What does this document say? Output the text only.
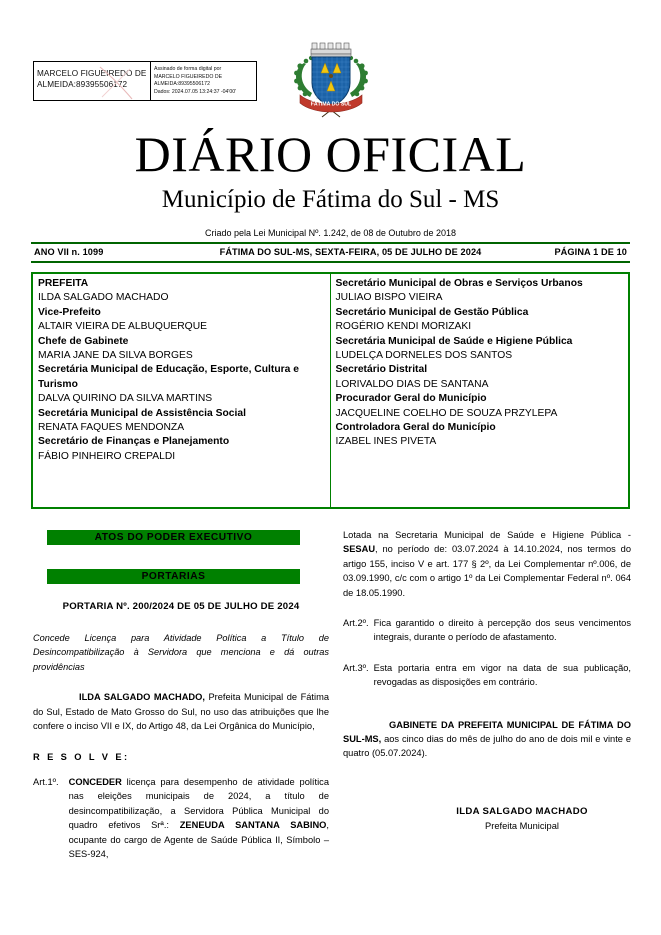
MARCELO FIGUEIREDO DE ALMEIDA:89395506172
Assinado de forma digital por
MARCELO FIGUEIREDO DE
ALMEIDA:89395506172
Dados: 2024.07.05 13:24:37 -04'00'
FÁTIMA DO SUL
DIÁRIO OFICIAL
Município de Fátima do Sul - MS
Criado pela Lei Municipal Nº. 1.242, de 08 de Outubro de 2018
ANO VII n. 1099	FÁTIMA DO SUL-MS, SEXTA-FEIRA, 05 DE JULHO DE 2024	PÁGINA 1 DE 10
PREFEITA
ILDA SALGADO MACHADO
Vice-Prefeito
ALTAIR VIEIRA DE ALBUQUERQUE
Chefe de Gabinete
MARIA JANE DA SILVA BORGES
Secretária Municipal de Educação, Esporte, Cultura e Turismo
DALVA QUIRINO DA SILVA MARTINS
Secretária Municipal de Assistência Social
RENATA FAQUES MENDONZA
Secretário de Finanças e Planejamento
FÁBIO PINHEIRO CREPALDI
Secretário Municipal de Obras e Serviços Urbanos
JULIAO BISPO VIEIRA
Secretário Municipal de Gestão Pública
ROGÉRIO KENDI MORIZAKI
Secretária Municipal de Saúde e Higiene Pública
LUDELÇA DORNELES DOS SANTOS
Secretário Distrital
LORIVALDO DIAS DE SANTANA
Procurador Geral do Município
JACQUELINE COELHO DE SOUZA PRZYLEPA
Controladora Geral do Município
IZABEL INES PIVETA
ATOS DO PODER EXECUTIVO
PORTARIAS
PORTARIA Nº. 200/2024 DE 05 DE JULHO DE 2024
Concede Licença para Atividade Política a Título de Desincompatibilização à Servidora que menciona e dá outras providências
ILDA SALGADO MACHADO, Prefeita Municipal de Fátima do Sul, Estado de Mato Grosso do Sul, no uso das atribuições que lhe confere o inciso VII e IX, do Artigo 48, da Lei Orgânica do Município,
R E S O L V E:
Art.1º.	CONCEDER licença para desempenho de atividade política nas eleições municipais de 2024, a título de desincompatibilização, a Servidora Pública Municipal do quadro efetivos Srª.: ZENEUDA SANTANA SABINO, ocupante do cargo de Agente de Saúde Pública II, Símbolo – SES-924,
Lotada na Secretaria Municipal de Saúde e Higiene Pública - SESAU, no período de: 03.07.2024 à 14.10.2024, nos termos do artigo 155, inciso V e art. 177 § 2º, da Lei Complementar nº.006, de 03.09.1990, c/c com o artigo 1º da Lei Complementar Federal nº. 064 de 18.05.1990.
Art.2º. Fica garantido o direito à percepção dos seus vencimentos integrais, durante o período de afastamento.
Art.3º. Esta portaria entra em vigor na data de sua publicação, revogadas as disposições em contrário.
GABINETE DA PREFEITA MUNICIPAL DE FÁTIMA DO SUL-MS, aos cinco dias do mês de julho do ano de dois mil e vinte e quatro (05.07.2024).
ILDA SALGADO MACHADO
Prefeita Municipal
